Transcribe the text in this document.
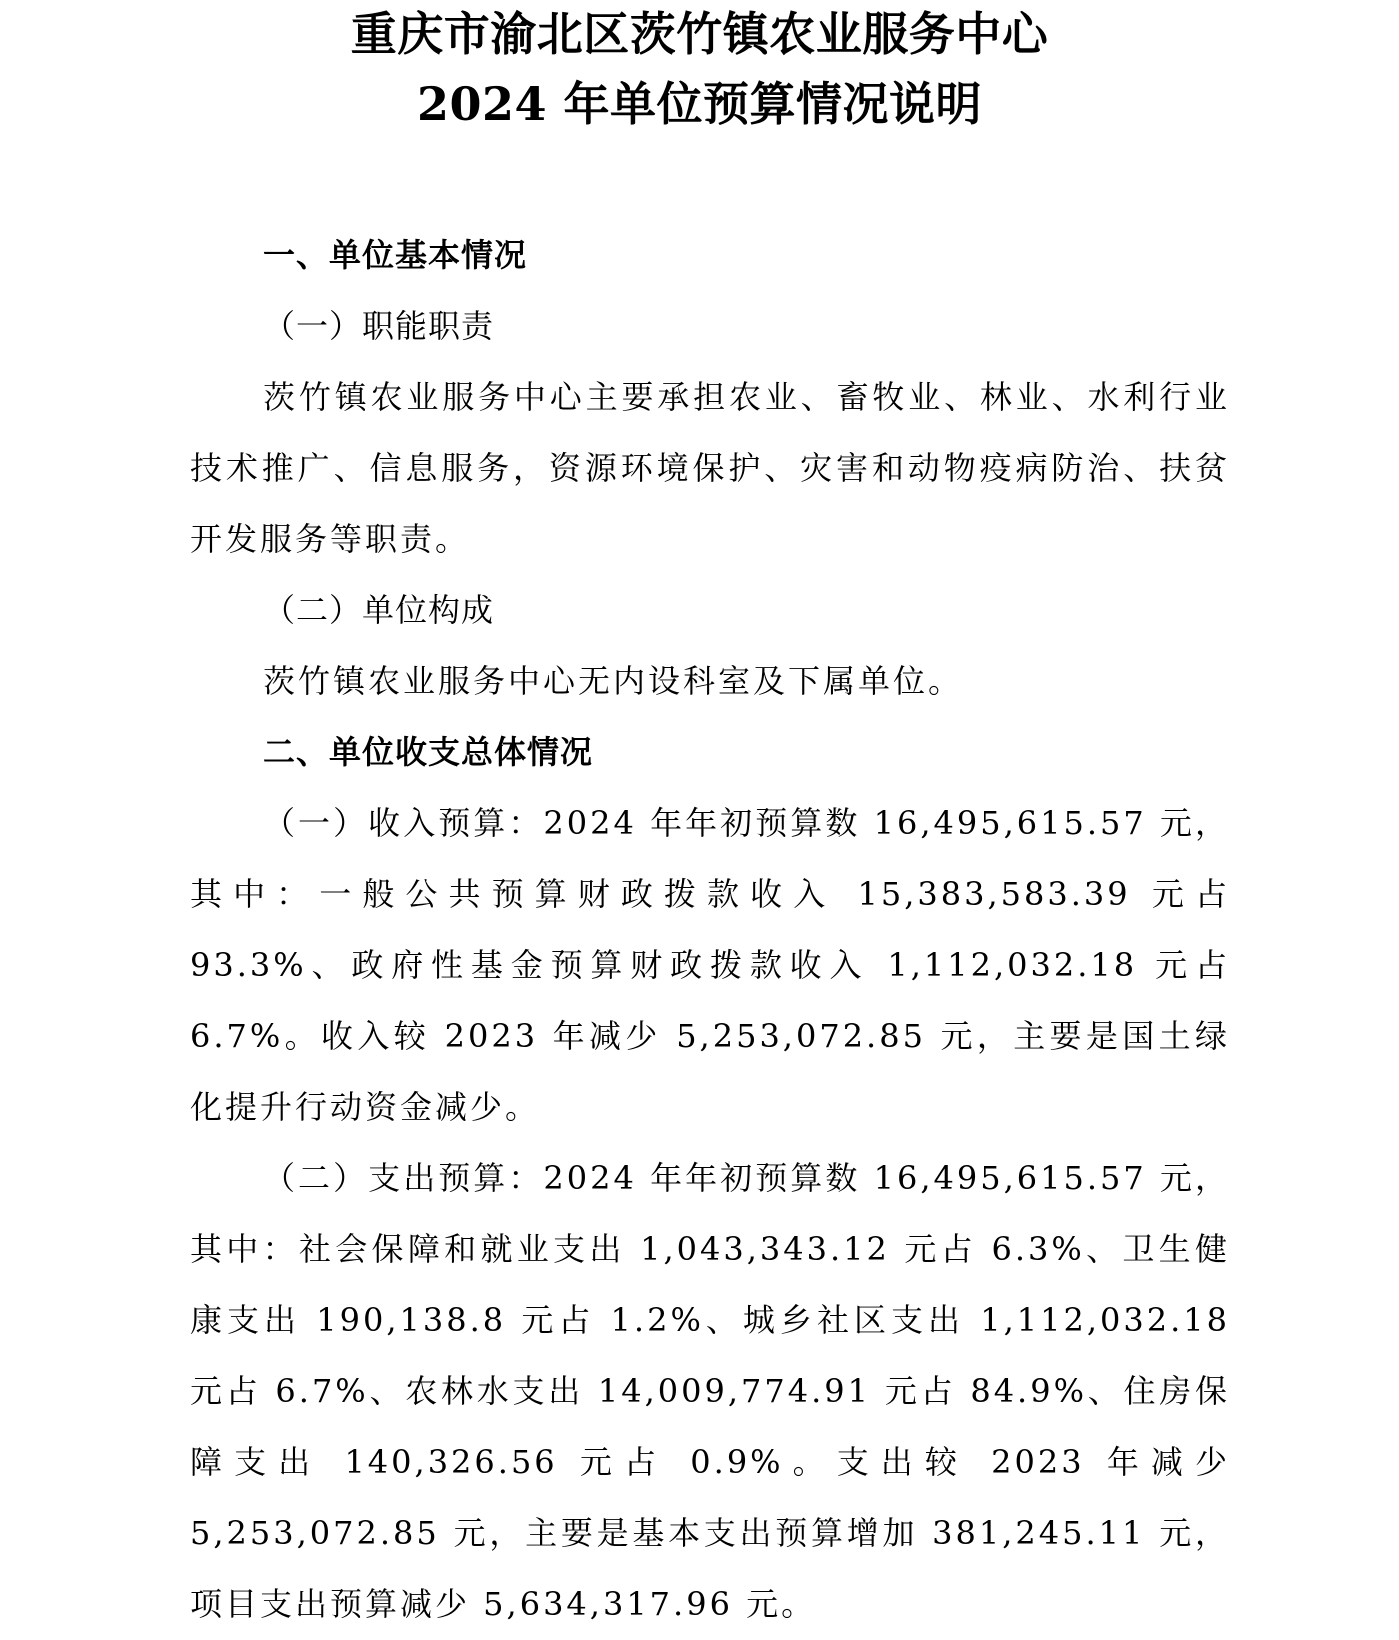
重庆市渝北区茨竹镇农业服务中心
2024 年单位预算情况说明

一、单位基本情况

（一）职能职责

茨竹镇农业服务中心主要承担农业、畜牧业、林业、水利行业技术推广、信息服务，资源环境保护、灾害和动物疫病防治、扶贫开发服务等职责。

（二）单位构成

茨竹镇农业服务中心无内设科室及下属单位。

二、单位收支总体情况

（一）收入预算：2024 年年初预算数 16,495,615.57 元，其中：一般公共预算财政拨款收入 15,383,583.39 元占 93.3%、政府性基金预算财政拨款收入 1,112,032.18 元占 6.7%。收入较 2023 年减少 5,253,072.85 元，主要是国土绿化提升行动资金减少。

（二）支出预算：2024 年年初预算数 16,495,615.57 元，其中：社会保障和就业支出 1,043,343.12 元占 6.3%、卫生健康支出 190,138.8 元占 1.2%、城乡社区支出 1,112,032.18 元占 6.7%、农林水支出 14,009,774.91 元占 84.9%、住房保障支出 140,326.56 元占 0.9%。支出较 2023 年减少 5,253,072.85 元，主要是基本支出预算增加 381,245.11 元，项目支出预算减少 5,634,317.96 元。
